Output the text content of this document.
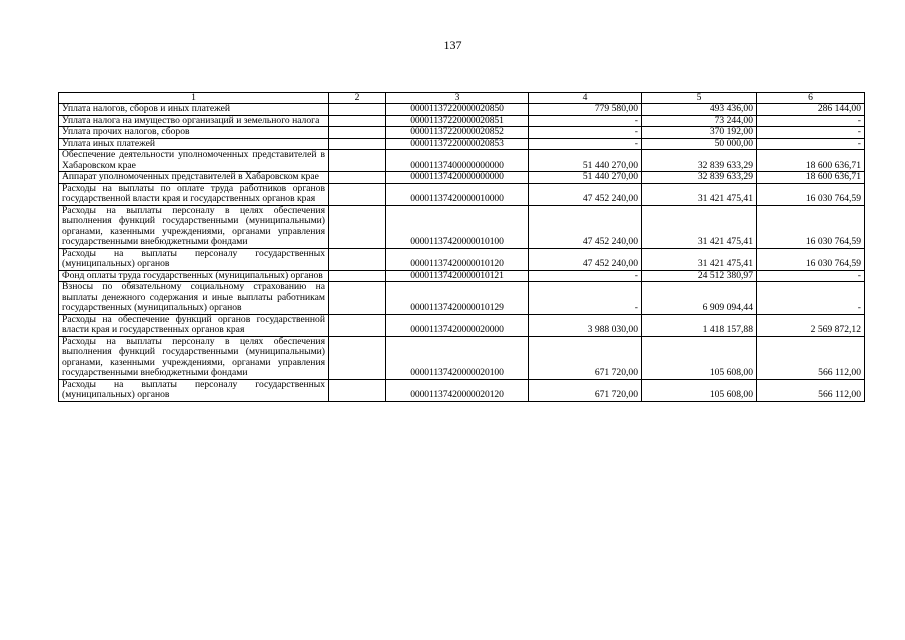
137
1	2	3	4	5	6
Уплата налогов, сборов и иных платежей		00001137220000020850	779 580,00	493 436,00	286 144,00
Уплата налога на имущество организаций и земельного налога		00001137220000020851	-	73 244,00	-
Уплата прочих налогов, сборов		00001137220000020852	-	370 192,00	-
Уплата иных платежей		00001137220000020853	-	50 000,00	-
Обеспечение деятельности уполномоченных представителей в Хабаровском крае		00001137400000000000	51 440 270,00	32 839 633,29	18 600 636,71
Аппарат уполномоченных представителей в Хабаровском крае		00001137420000000000	51 440 270,00	32 839 633,29	18 600 636,71
Расходы на выплаты по оплате труда работников органов государственной власти края и государственных органов края		00001137420000010000	47 452 240,00	31 421 475,41	16 030 764,59
Расходы на выплаты персоналу в целях обеспечения выполнения функций государственными (муниципальными) органами, казенными учреждениями, органами управления государственными внебюджетными фондами		00001137420000010100	47 452 240,00	31 421 475,41	16 030 764,59
Расходы на выплаты персоналу государственных (муниципальных) органов		00001137420000010120	47 452 240,00	31 421 475,41	16 030 764,59
Фонд оплаты труда государственных (муниципальных) органов		00001137420000010121	-	24 512 380,97	-
Взносы по обязательному социальному страхованию на выплаты денежного содержания и иные выплаты работникам государственных (муниципальных) органов		00001137420000010129	-	6 909 094,44	-
Расходы на обеспечение функций органов государственной власти края и государственных органов края		00001137420000020000	3 988 030,00	1 418 157,88	2 569 872,12
Расходы на выплаты персоналу в целях обеспечения выполнения функций государственными (муниципальными) органами, казенными учреждениями, органами управления государственными внебюджетными фондами		00001137420000020100	671 720,00	105 608,00	566 112,00
Расходы на выплаты персоналу государственных (муниципальных) органов		00001137420000020120	671 720,00	105 608,00	566 112,00
